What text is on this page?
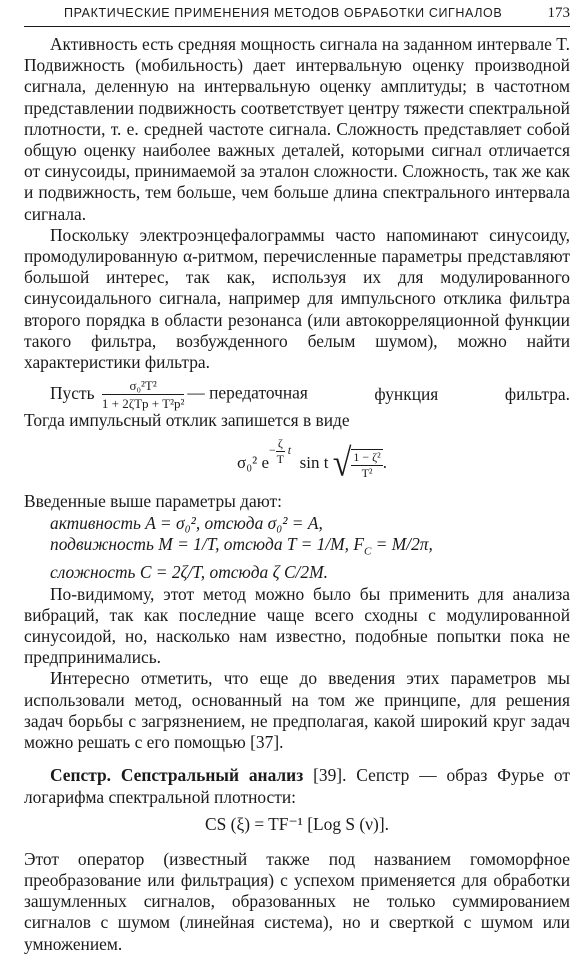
ПРАКТИЧЕСКИЕ ПРИМЕНЕНИЯ МЕТОДОВ ОБРАБОТКИ СИГНАЛОВ	173

Активность есть средняя мощность сигнала на заданном интервале T. Подвижность (мобильность) дает интервальную оценку производной сигнала, деленную на интервальную оценку амплитуды; в частотном представлении подвижность соответствует центру тяжести спектральной плотности, т. е. средней частоте сигнала. Сложность представляет собой общую оценку наиболее важных деталей, которыми сигнал отличается от синусоиды, принимаемой за эталон сложности. Сложность, так же как и подвижность, тем больше, чем больше длина спектрального интервала сигнала.

Поскольку электроэнцефалограммы часто напоминают синусоиду, промодулированную α-ритмом, перечисленные параметры представляют большой интерес, так как, используя их для модулированного синусоидального сигнала, например для импульсного отклика фильтра второго порядка в области резонанса (или автокорреляционной функции такого фильтра, возбужденного белым шумом), можно найти характеристики фильтра.

Пусть $\frac{\text{σ₀²T²}}{\text{1 + 2ζTp + T²p²}}$ — передаточная	функция	фильтра.

Тогда импульсный отклик запишется в виде

σ₀² $e- \frac{\zeta}{T}$ t  sin t √ $\frac{\text{1 − ζ²}}{\text{T²}}$ .

Введенные выше параметры дают:

активность A = σ₀², отсюда σ₀² = A,
подвижность M = 1/T, отсюда T = 1/M, $F_C = M/2\pi$,
сложность C = 2ζ/T, отсюда ζ C/2M.

По-видимому, этот метод можно было бы применить для анализа вибраций, так как последние чаще всего сходны с модулированной синусоидой, но, насколько нам известно, подобные попытки пока не предпринимались.

Интересно отметить, что еще до введения этих параметров мы использовали метод, основанный на том же принципе, для решения задач борьбы с загрязнением, не предполагая, какой широкий круг задач можно решать с его помощью [37].

Сепстр. Сепстральный анализ [39]. Сепстр — образ Фурье от логарифма спектральной плотности:

CS (ξ) = TF⁻¹ [Log S (ν)].

Этот оператор (известный также под названием гомоморфное преобразование или фильтрация) с успехом применяется для обработки зашумленных сигналов, образованных не только суммированием сигналов с шумом (линейная система), но и сверткой с шумом или умножением.
